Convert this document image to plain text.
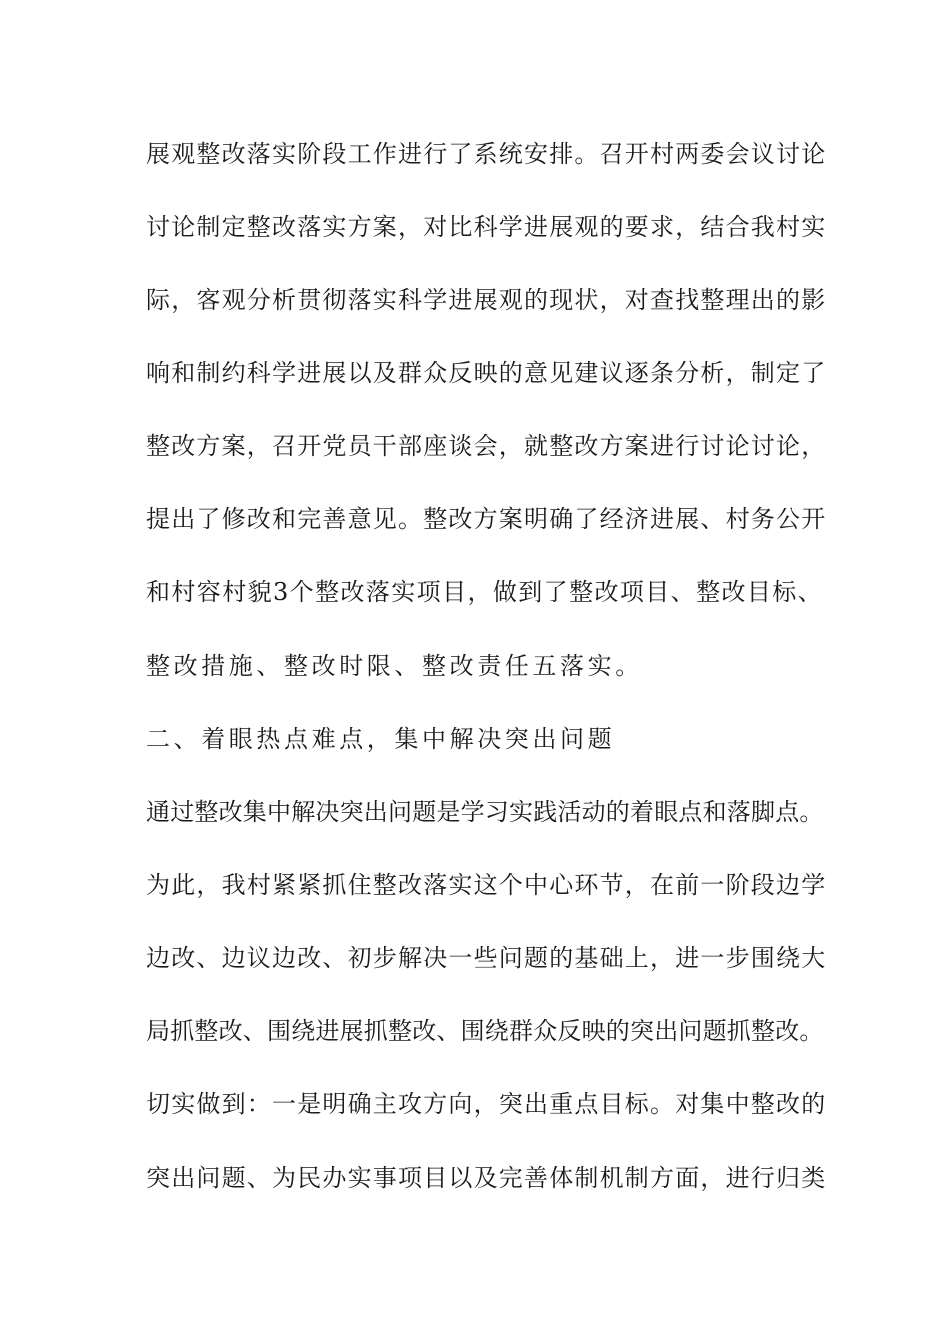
展观整改落实阶段工作进行了系统安排。召开村两委会议讨论
讨论制定整改落实方案，对比科学进展观的要求，结合我村实
际，客观分析贯彻落实科学进展观的现状，对查找整理出的影
响和制约科学进展以及群众反映的意见建议逐条分析，制定了
整改方案，召开党员干部座谈会，就整改方案进行讨论讨论，
提出了修改和完善意见。整改方案明确了经济进展、村务公开
和村容村貌3个整改落实项目，做到了整改项目、整改目标、
整改措施、整改时限、整改责任五落实。
二、着眼热点难点，集中解决突出问题
通过整改集中解决突出问题是学习实践活动的着眼点和落脚点。
为此，我村紧紧抓住整改落实这个中心环节，在前一阶段边学
边改、边议边改、初步解决一些问题的基础上，进一步围绕大
局抓整改、围绕进展抓整改、围绕群众反映的突出问题抓整改。
切实做到：一是明确主攻方向，突出重点目标。对集中整改的
突出问题、为民办实事项目以及完善体制机制方面，进行归类
